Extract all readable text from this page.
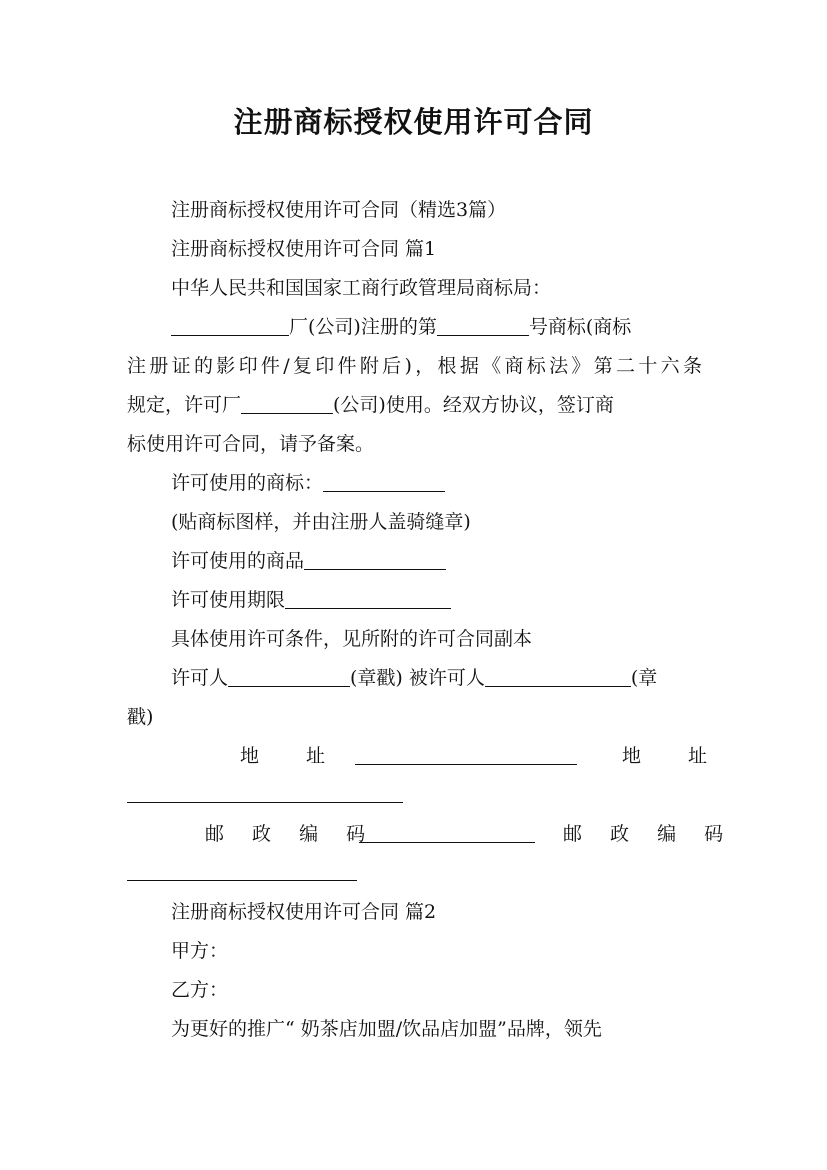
注册商标授权使用许可合同
注册商标授权使用许可合同（精选3篇）
注册商标授权使用许可合同 篇1
中华人民共和国国家工商行政管理局商标局：
厂(公司)注册的第	号商标(商标
注册证的影印件/复印件附后)，根据《商标法》第二十六条
规定，许可厂	(公司)使用。经双方协议，签订商
标使用许可合同，请予备案。
许可使用的商标：
(贴商标图样，并由注册人盖骑缝章)
许可使用的商品
许可使用期限
具体使用许可条件，见所附的许可合同副本
许可人	(章戳) 被许可人	(章
戳)
地　址	地　址
邮 政 编 码	邮 政 编 码
注册商标授权使用许可合同 篇2
甲方：
乙方：
为更好的推广“ 奶茶店加盟/饮品店加盟”品牌，领先
